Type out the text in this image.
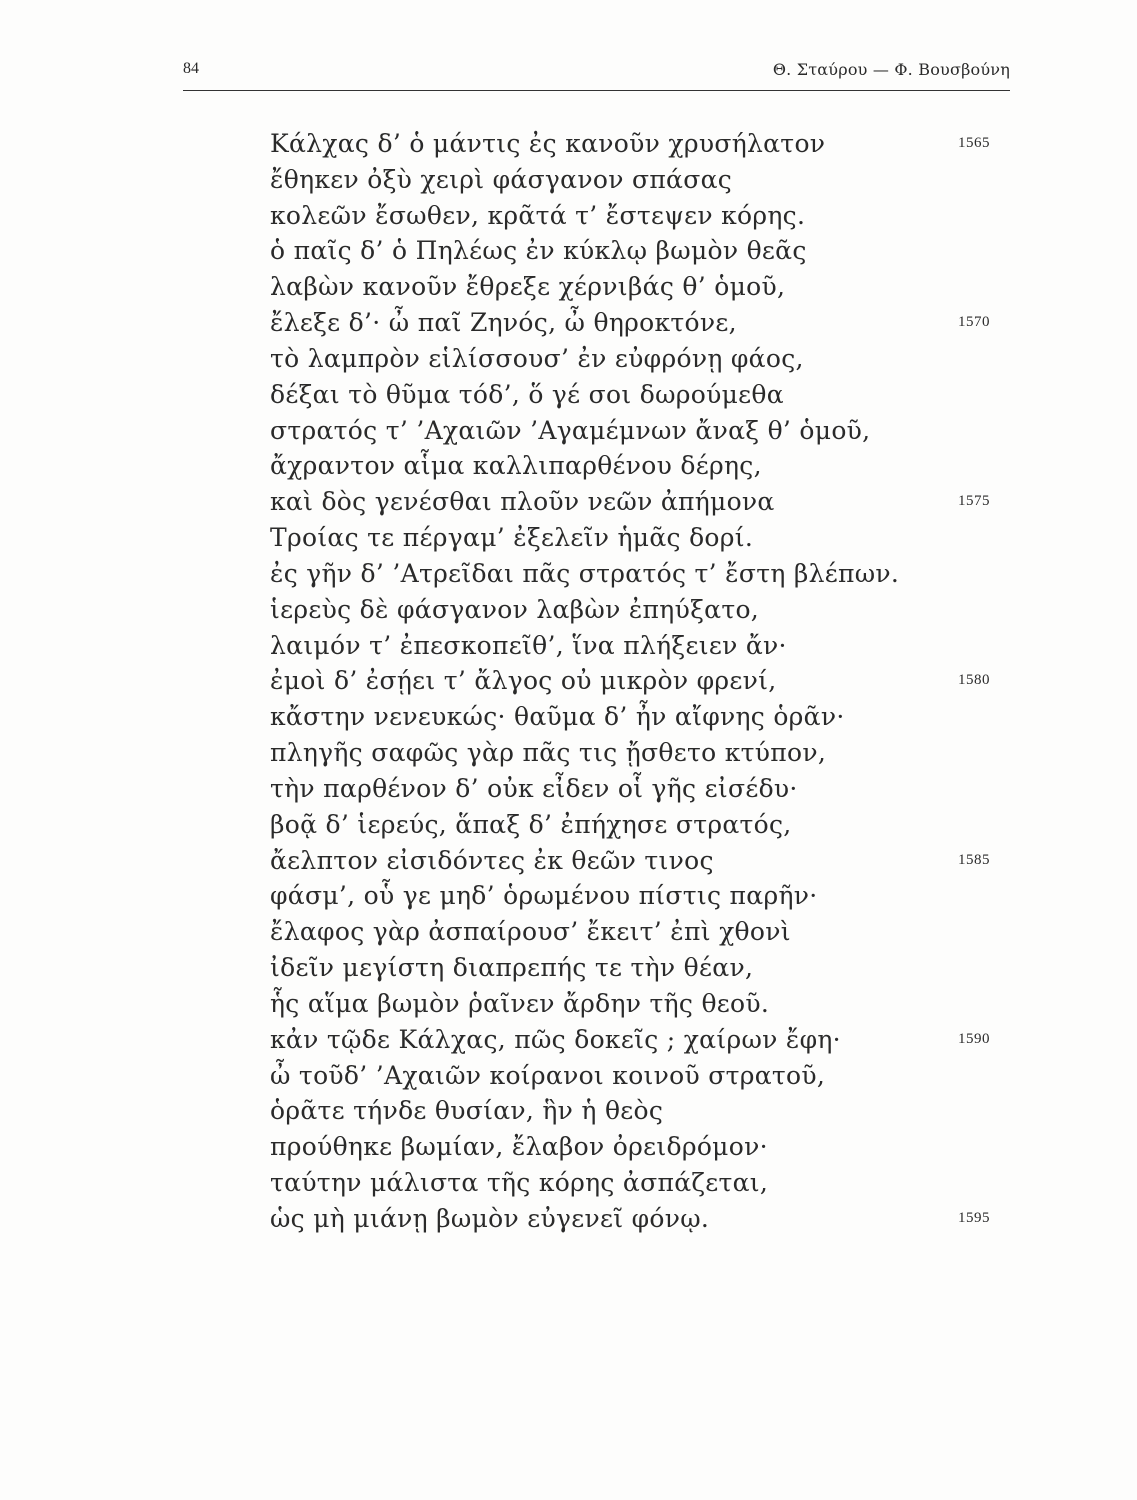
84	Θ. Σταύρου — Φ. Βουσβούνη
Κάλχας δ’ ὁ μάντις ἐς κανοῦν χρυσήλατον	1565
ἔθηκεν ὀξὺ χειρὶ φάσγανον σπάσας
κολεῶν ἔσωθεν, κρᾶτά τ’ ἔστεψεν κόρης.
ὁ παῖς δ’ ὁ Πηλέως ἐν κύκλῳ βωμὸν θεᾶς
λαβὼν κανοῦν ἔθρεξε χέρνιβάς θ’ ὁμοῦ,
ἔλεξε δ’· ὦ παῖ Ζηνός, ὦ θηροκτόνε,	1570
τὸ λαμπρὸν εἱλίσσουσ’ ἐν εὐφρόνῃ φάος,
δέξαι τὸ θῦμα τόδ’, ὅ γέ σοι δωρούμεθα
στρατός τ’ ’Αχαιῶν ’Αγαμέμνων ἄναξ θ’ ὁμοῦ,
ἄχραντον αἷμα καλλιπαρθένου δέρης,
καὶ δὸς γενέσθαι πλοῦν νεῶν ἀπήμονα	1575
Τροίας τε πέργαμ’ ἐξελεῖν ἡμᾶς δορί.
ἐς γῆν δ’ ’Ατρεῖδαι πᾶς στρατός τ’ ἔστη βλέπων.
ἱερεὺς δὲ φάσγανον λαβὼν ἐπηύξατο,
λαιμόν τ’ ἐπεσκοπεῖθ’, ἵνα πλήξειεν ἄν·
ἐμοὶ δ’ ἐσῄει τ’ ἄλγος οὐ μικρὸν φρενί,	1580
κἄστην νενευκώς· θαῦμα δ’ ἦν αἴφνης ὁρᾶν·
πληγῆς σαφῶς γὰρ πᾶς τις ᾔσθετο κτύπον,
τὴν παρθένον δ’ οὐκ εἶδεν οἷ γῆς εἰσέδυ·
βοᾷ δ’ ἱερεύς, ἅπαξ δ’ ἐπήχησε στρατός,
ἄελπτον εἰσιδόντες ἐκ θεῶν τινος	1585
φάσμ’, οὗ γε μηδ’ ὁρωμένου πίστις παρῆν·
ἔλαφος γὰρ ἀσπαίρουσ’ ἔκειτ’ ἐπὶ χθονὶ
ἰδεῖν μεγίστη διαπρεπής τε τὴν θέαν,
ἧς αἵμα βωμὸν ῥαῖνεν ἄρδην τῆς θεοῦ.
κἀν τῷδε Κάλχας, πῶς δοκεῖς ; χαίρων ἔφη·	1590
ὦ τοῦδ’ ’Αχαιῶν κοίρανοι κοινοῦ στρατοῦ,
ὁρᾶτε τήνδε θυσίαν, ἣν ἡ θεὸς
προύθηκε βωμίαν, ἔλαβον ὀρειδρόμον·
ταύτην μάλιστα τῆς κόρης ἀσπάζεται,
ὡς μὴ μιάνῃ βωμὸν εὐγενεῖ φόνῳ.	1595
